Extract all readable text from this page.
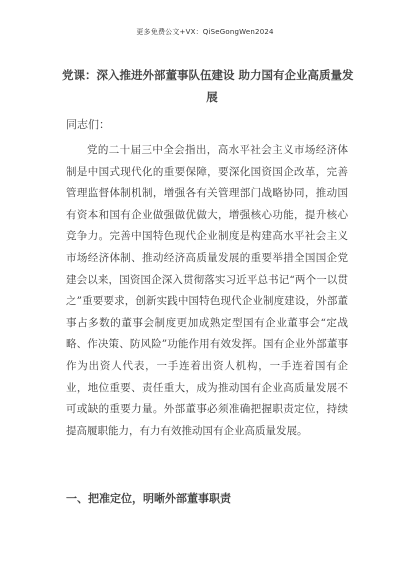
更多免费公文+VX：QiSeGongWen2024
党课：深入推进外部董事队伍建设 助力国有企业高质量发
展
同志们：
党的二十届三中全会指出，高水平社会主义市场经济体制是中国式现代化的重要保障，要深化国资国企改革，完善管理监督体制机制，增强各有关管理部门战略协同，推动国有资本和国有企业做强做优做大，增强核心功能，提升核心竞争力。完善中国特色现代企业制度是构建高水平社会主义市场经济体制、推动经济高质量发展的重要举措全国国企党建会以来，国资国企深入贯彻落实习近平总书记“两个一以贯之”重要要求，创新实践中国特色现代企业制度建设，外部董事占多数的董事会制度更加成熟定型国有企业董事会“定战略、作决策、防风险”功能作用有效发挥。国有企业外部董事作为出资人代表，一手连着出资人机构，一手连着国有企业，地位重要、责任重大，成为推动国有企业高质量发展不可或缺的重要力量。外部董事必须准确把握职责定位，持续提高履职能力，有力有效推动国有企业高质量发展。
一、把准定位，明晰外部董事职责
